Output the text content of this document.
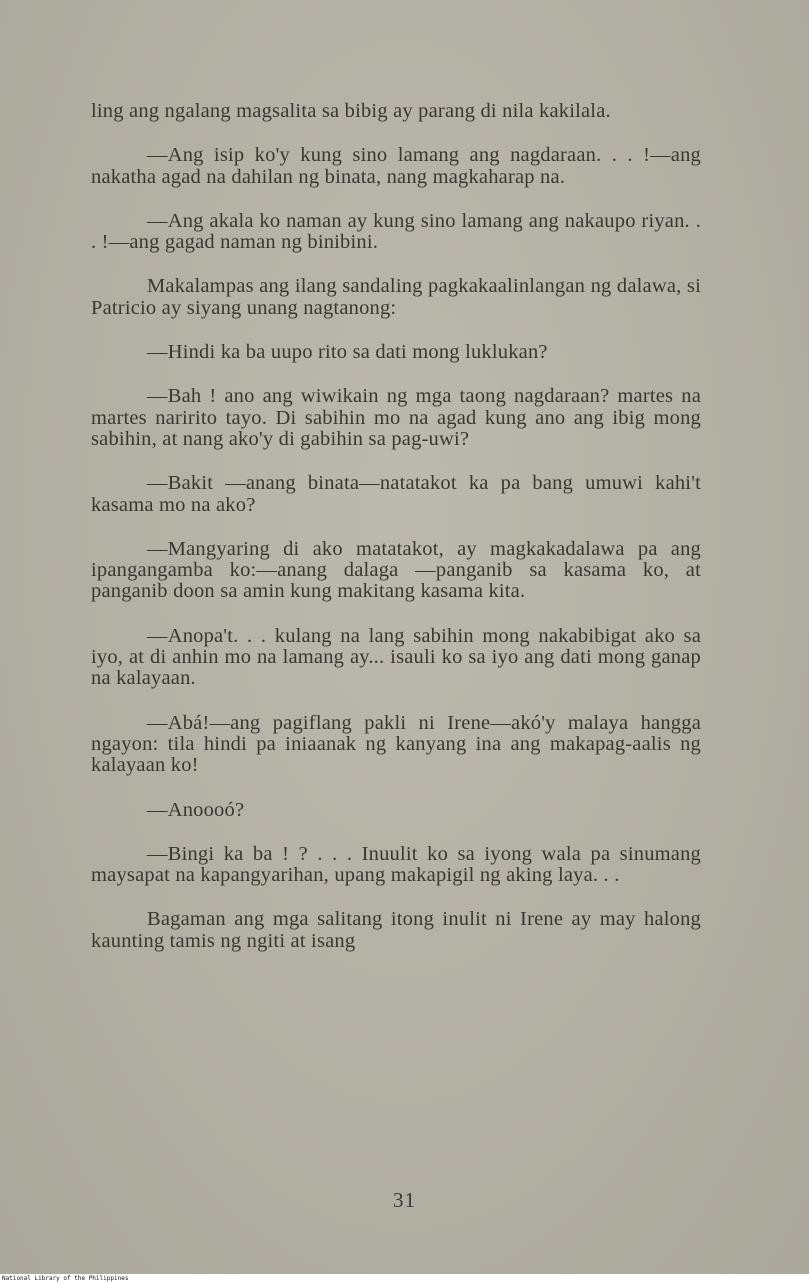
ling ang ngalang magsalita sa bibig ay parang di nila kakilala.

—Ang isip ko'y kung sino lamang ang nagdaraan. . . !—ang nakatha agad na dahilan ng binata, nang magkaharap na.

—Ang akala ko naman ay kung sino lamang ang nakaupo riyan. . . !—ang gagad naman ng binibini.

Makalampas ang ilang sandaling pagkakaalinlangan ng dalawa, si Patricio ay siyang unang nagtanong:

—Hindi ka ba uupo rito sa dati mong luklukan?

—Bah ! ano ang wiwikain ng mga taong nagdaraan? martes na martes naririto tayo. Di sabihin mo na agad kung ano ang ibig mong sabihin, at nang ako'y di gabihin sa pag-uwi?

—Bakit —anang binata—natatakot ka pa bang umuwi kahi't kasama mo na ako?

—Mangyaring di ako matatakot, ay magkakadalawa pa ang ipangangamba ko:—anang dalaga —panganib sa kasama ko, at panganib doon sa amin kung makitang kasama kita.

—Anopa't. . . kulang na lang sabihin mong nakabibigat ako sa iyo, at di anhin mo na lamang ay... isauli ko sa iyo ang dati mong ganap na kalayaan.

—Abá!—ang pagiflang pakli ni Irene—akó'y malaya hangga ngayon: tila hindi pa iniaanak ng kanyang ina ang makapag-aalis ng kalayaan ko!

—Anoooó?

—Bingi ka ba ! ? . . . Inuulit ko sa iyong wala pa sinumang maysapat na kapangyarihan, upang makapigil ng aking laya. . .

Bagaman ang mga salitang itong inulit ni Irene ay may halong kaunting tamis ng ngiti at isang

31
National Library of the Philippines
